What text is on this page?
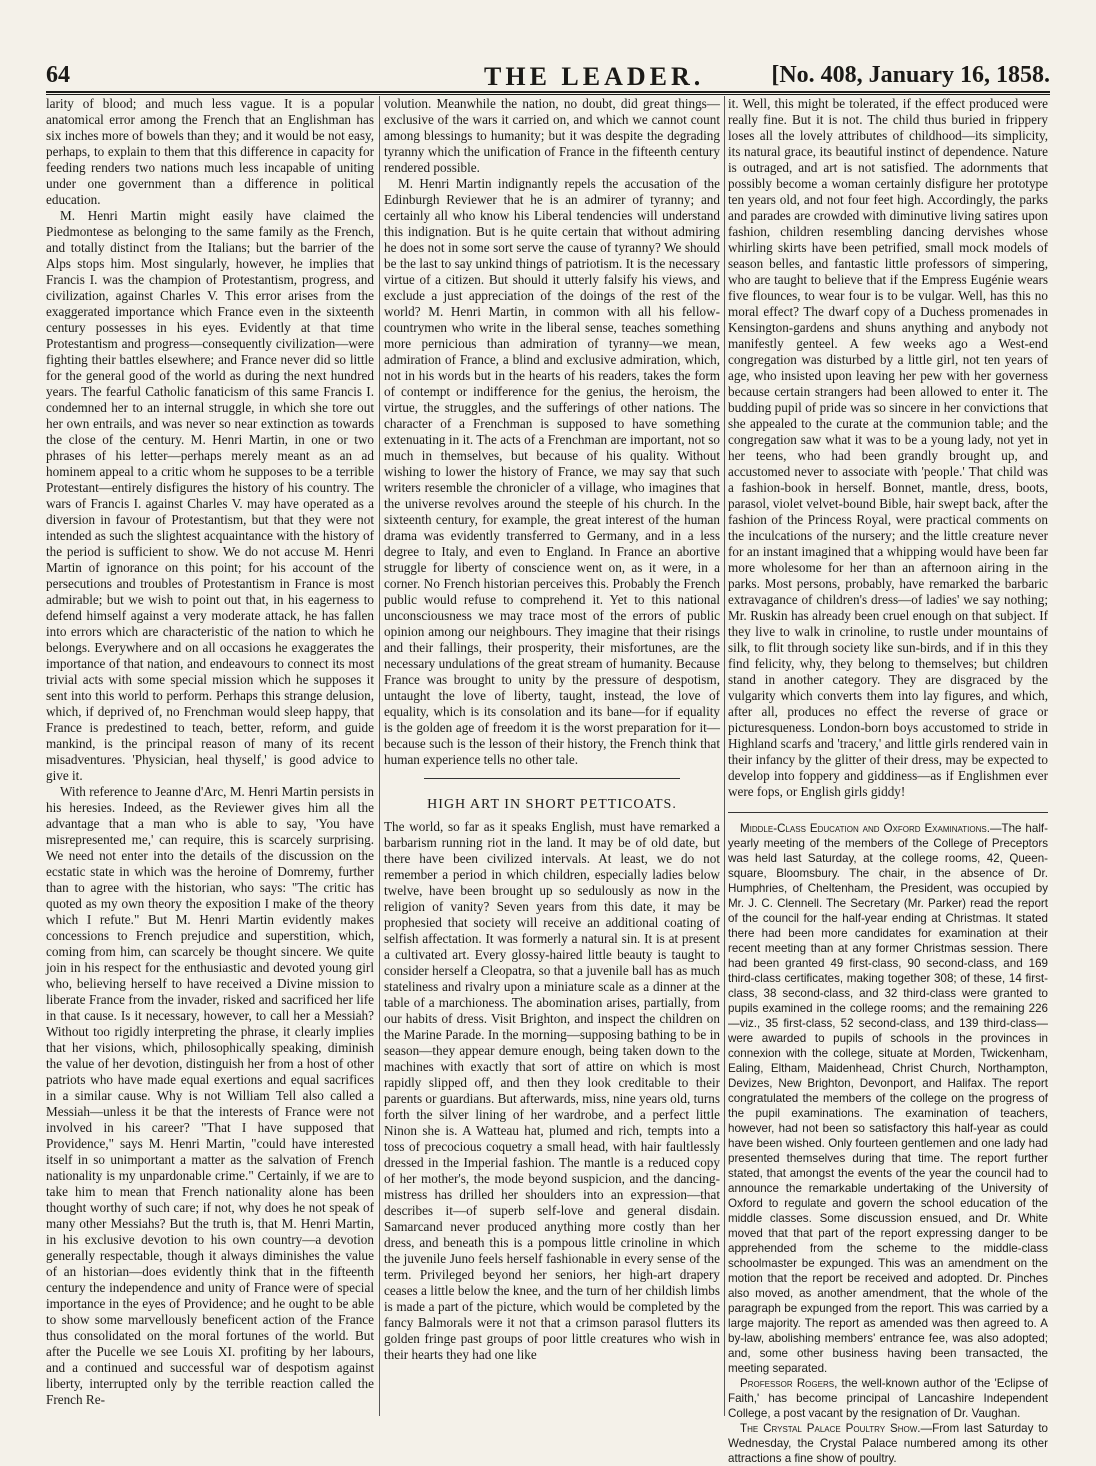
64	THE LEADER.	[No. 408, January 16, 1858.

larity of blood; and much less vague. It is a popular anatomical error among the French that an Englishman has six inches more of bowels than they; and it would be not easy, perhaps, to explain to them that this difference in capacity for feeding renders two nations much less incapable of uniting under one government than a difference in political education.

M. Henri Martin might easily have claimed the Piedmontese as belonging to the same family as the French, and totally distinct from the Italians; but the barrier of the Alps stops him. Most singularly, however, he implies that Francis I. was the champion of Protestantism, progress, and civilization, against Charles V. This error arises from the exaggerated importance which France even in the sixteenth century possesses in his eyes. Evidently at that time Protestantism and progress—consequently civilization—were fighting their battles elsewhere; and France never did so little for the general good of the world as during the next hundred years. The fearful Catholic fanaticism of this same Francis I. condemned her to an internal struggle, in which she tore out her own entrails, and was never so near extinction as towards the close of the century. M. Henri Martin, in one or two phrases of his letter—perhaps merely meant as an ad hominem appeal to a critic whom he supposes to be a terrible Protestant—entirely disfigures the history of his country. The wars of Francis I. against Charles V. may have operated as a diversion in favour of Protestantism, but that they were not intended as such the slightest acquaintance with the history of the period is sufficient to show. We do not accuse M. Henri Martin of ignorance on this point; for his account of the persecutions and troubles of Protestantism in France is most admirable; but we wish to point out that, in his eagerness to defend himself against a very moderate attack, he has fallen into errors which are characteristic of the nation to which he belongs. Everywhere and on all occasions he exaggerates the importance of that nation, and endeavours to connect its most trivial acts with some special mission which he supposes it sent into this world to perform. Perhaps this strange delusion, which, if deprived of, no Frenchman would sleep happy, that France is predestined to teach, better, reform, and guide mankind, is the principal reason of many of its recent misadventures. 'Physician, heal thyself,' is good advice to give it.

With reference to Jeanne d'Arc, M. Henri Martin persists in his heresies. Indeed, as the Reviewer gives him all the advantage that a man who is able to say, 'You have misrepresented me,' can require, this is scarcely surprising. We need not enter into the details of the discussion on the ecstatic state in which was the heroine of Domremy, further than to agree with the historian, who says: "The critic has quoted as my own theory the exposition I make of the theory which I refute." But M. Henri Martin evidently makes concessions to French prejudice and superstition, which, coming from him, can scarcely be thought sincere. We quite join in his respect for the enthusiastic and devoted young girl who, believing herself to have received a Divine mission to liberate France from the invader, risked and sacrificed her life in that cause. Is it necessary, however, to call her a Messiah? Without too rigidly interpreting the phrase, it clearly implies that her visions, which, philosophically speaking, diminish the value of her devotion, distinguish her from a host of other patriots who have made equal exertions and equal sacrifices in a similar cause. Why is not William Tell also called a Messiah—unless it be that the interests of France were not involved in his career? "That I have supposed that Providence," says M. Henri Martin, "could have interested itself in so unimportant a matter as the salvation of French nationality is my unpardonable crime." Certainly, if we are to take him to mean that French nationality alone has been thought worthy of such care; if not, why does he not speak of many other Messiahs? But the truth is, that M. Henri Martin, in his exclusive devotion to his own country—a devotion generally respectable, though it always diminishes the value of an historian—does evidently think that in the fifteenth century the independence and unity of France were of special importance in the eyes of Providence; and he ought to be able to show some marvellously beneficent action of the France thus consolidated on the moral fortunes of the world. But after the Pucelle we see Louis XI. profiting by her labours, and a continued and successful war of despotism against liberty, interrupted only by the terrible reaction called the French Re-

volution. Meanwhile the nation, no doubt, did great things—exclusive of the wars it carried on, and which we cannot count among blessings to humanity; but it was despite the degrading tyranny which the unification of France in the fifteenth century rendered possible.

M. Henri Martin indignantly repels the accusation of the Edinburgh Reviewer that he is an admirer of tyranny; and certainly all who know his Liberal tendencies will understand this indignation. But is he quite certain that without admiring he does not in some sort serve the cause of tyranny? We should be the last to say unkind things of patriotism. It is the necessary virtue of a citizen. But should it utterly falsify his views, and exclude a just appreciation of the doings of the rest of the world? M. Henri Martin, in common with all his fellow-countrymen who write in the liberal sense, teaches something more pernicious than admiration of tyranny—we mean, admiration of France, a blind and exclusive admiration, which, not in his words but in the hearts of his readers, takes the form of contempt or indifference for the genius, the heroism, the virtue, the struggles, and the sufferings of other nations. The character of a Frenchman is supposed to have something extenuating in it. The acts of a Frenchman are important, not so much in themselves, but because of his quality. Without wishing to lower the history of France, we may say that such writers resemble the chronicler of a village, who imagines that the universe revolves around the steeple of his church. In the sixteenth century, for example, the great interest of the human drama was evidently transferred to Germany, and in a less degree to Italy, and even to England. In France an abortive struggle for liberty of conscience went on, as it were, in a corner. No French historian perceives this. Probably the French public would refuse to comprehend it. Yet to this national unconsciousness we may trace most of the errors of public opinion among our neighbours. They imagine that their risings and their fallings, their prosperity, their misfortunes, are the necessary undulations of the great stream of humanity. Because France was brought to unity by the pressure of despotism, untaught the love of liberty, taught, instead, the love of equality, which is its consolation and its bane—for if equality is the golden age of freedom it is the worst preparation for it—because such is the lesson of their history, the French think that human experience tells no other tale.

HIGH ART IN SHORT PETTICOATS.

The world, so far as it speaks English, must have remarked a barbarism running riot in the land. It may be of old date, but there have been civilized intervals. At least, we do not remember a period in which children, especially ladies below twelve, have been brought up so sedulously as now in the religion of vanity? Seven years from this date, it may be prophesied that society will receive an additional coating of selfish affectation. It was formerly a natural sin. It is at present a cultivated art. Every glossy-haired little beauty is taught to consider herself a Cleopatra, so that a juvenile ball has as much stateliness and rivalry upon a miniature scale as a dinner at the table of a marchioness. The abomination arises, partially, from our habits of dress. Visit Brighton, and inspect the children on the Marine Parade. In the morning—supposing bathing to be in season—they appear demure enough, being taken down to the machines with exactly that sort of attire on which is most rapidly slipped off, and then they look creditable to their parents or guardians. But afterwards, miss, nine years old, turns forth the silver lining of her wardrobe, and a perfect little Ninon she is. A Watteau hat, plumed and rich, tempts into a toss of precocious coquetry a small head, with hair faultlessly dressed in the Imperial fashion. The mantle is a reduced copy of her mother's, the mode beyond suspicion, and the dancing-mistress has drilled her shoulders into an expression—that describes it—of superb self-love and general disdain. Samarcand never produced anything more costly than her dress, and beneath this is a pompous little crinoline in which the juvenile Juno feels herself fashionable in every sense of the term. Privileged beyond her seniors, her high-art drapery ceases a little below the knee, and the turn of her childish limbs is made a part of the picture, which would be completed by the fancy Balmorals were it not that a crimson parasol flutters its golden fringe past groups of poor little creatures who wish in their hearts they had one like

it. Well, this might be tolerated, if the effect produced were really fine. But it is not. The child thus buried in frippery loses all the lovely attributes of childhood—its simplicity, its natural grace, its beautiful instinct of dependence. Nature is outraged, and art is not satisfied. The adornments that possibly become a woman certainly disfigure her prototype ten years old, and not four feet high. Accordingly, the parks and parades are crowded with diminutive living satires upon fashion, children resembling dancing dervishes whose whirling skirts have been petrified, small mock models of season belles, and fantastic little professors of simpering, who are taught to believe that if the Empress Eugénie wears five flounces, to wear four is to be vulgar. Well, has this no moral effect? The dwarf copy of a Duchess promenades in Kensington-gardens and shuns anything and anybody not manifestly genteel. A few weeks ago a West-end congregation was disturbed by a little girl, not ten years of age, who insisted upon leaving her pew with her governess because certain strangers had been allowed to enter it. The budding pupil of pride was so sincere in her convictions that she appealed to the curate at the communion table; and the congregation saw what it was to be a young lady, not yet in her teens, who had been grandly brought up, and accustomed never to associate with 'people.' That child was a fashion-book in herself. Bonnet, mantle, dress, boots, parasol, violet velvet-bound Bible, hair swept back, after the fashion of the Princess Royal, were practical comments on the inculcations of the nursery; and the little creature never for an instant imagined that a whipping would have been far more wholesome for her than an afternoon airing in the parks. Most persons, probably, have remarked the barbaric extravagance of children's dress—of ladies' we say nothing; Mr. Ruskin has already been cruel enough on that subject. If they live to walk in crinoline, to rustle under mountains of silk, to flit through society like sun-birds, and if in this they find felicity, why, they belong to themselves; but children stand in another category. They are disgraced by the vulgarity which converts them into lay figures, and which, after all, produces no effect the reverse of grace or picturesqueness. London-born boys accustomed to stride in Highland scarfs and 'tracery,' and little girls rendered vain in their infancy by the glitter of their dress, may be expected to develop into foppery and giddiness—as if Englishmen ever were fops, or English girls giddy!

Middle-Class Education and Oxford Examinations.—The half-yearly meeting of the members of the College of Preceptors was held last Saturday, at the college rooms, 42, Queen-square, Bloomsbury. The chair, in the absence of Dr. Humphries, of Cheltenham, the President, was occupied by Mr. J. C. Clennell. The Secretary (Mr. Parker) read the report of the council for the half-year ending at Christmas. It stated there had been more candidates for examination at their recent meeting than at any former Christmas session. There had been granted 49 first-class, 90 second-class, and 169 third-class certificates, making together 308; of these, 14 first-class, 38 second-class, and 32 third-class were granted to pupils examined in the college rooms; and the remaining 226—viz., 35 first-class, 52 second-class, and 139 third-class—were awarded to pupils of schools in the provinces in connexion with the college, situate at Morden, Twickenham, Ealing, Eltham, Maidenhead, Christ Church, Northampton, Devizes, New Brighton, Devonport, and Halifax. The report congratulated the members of the college on the progress of the pupil examinations. The examination of teachers, however, had not been so satisfactory this half-year as could have been wished. Only fourteen gentlemen and one lady had presented themselves during that time. The report further stated, that amongst the events of the year the council had to announce the remarkable undertaking of the University of Oxford to regulate and govern the school education of the middle classes. Some discussion ensued, and Dr. White moved that that part of the report expressing danger to be apprehended from the scheme to the middle-class schoolmaster be expunged. This was an amendment on the motion that the report be received and adopted. Dr. Pinches also moved, as another amendment, that the whole of the paragraph be expunged from the report. This was carried by a large majority. The report as amended was then agreed to. A by-law, abolishing members' entrance fee, was also adopted; and, some other business having been transacted, the meeting separated.

Professor Rogers, the well-known author of the 'Eclipse of Faith,' has become principal of Lancashire Independent College, a post vacant by the resignation of Dr. Vaughan.

The Crystal Palace Poultry Show.—From last Saturday to Wednesday, the Crystal Palace numbered among its other attractions a fine show of poultry.
